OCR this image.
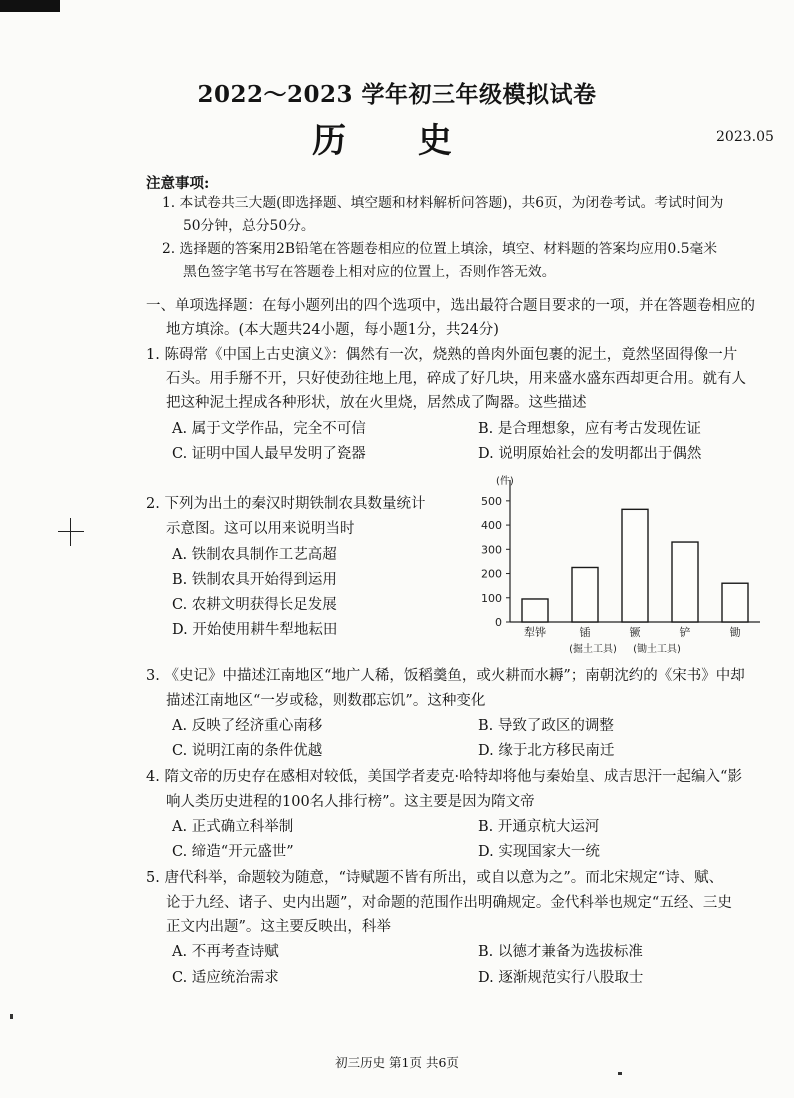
2022～2023 学年初三年级模拟试卷
历 史	2023.05
注意事项:
1. 本试卷共三大题(即选择题、填空题和材料解析问答题)，共6页，为闭卷考试。考试时间为
50分钟，总分50分。
2. 选择题的答案用2B铅笔在答题卷相应的位置上填涂，填空、材料题的答案均应用0.5毫米
黑色签字笔书写在答题卷上相对应的位置上，否则作答无效。
一、单项选择题：在每小题列出的四个选项中，选出最符合题目要求的一项，并在答题卷相应的
地方填涂。(本大题共24小题，每小题1分，共24分)
1. 陈碍常《中国上古史演义》：偶然有一次，烧熟的兽肉外面包裹的泥土，竟然坚固得像一片
石头。用手掰不开，只好使劲往地上甩，碎成了好几块，用来盛水盛东西却更合用。就有人
把这种泥土捏成各种形状，放在火里烧，居然成了陶器。这些描述
A. 属于文学作品，完全不可信	B. 是合理想象，应有考古发现佐证
C. 证明中国人最早发明了瓷器	D. 说明原始社会的发明都出于偶然
2. 下列为出土的秦汉时期铁制农具数量统计
示意图。这可以用来说明当时
A. 铁制农具制作工艺高超
B. 铁制农具开始得到运用
C. 农耕文明获得长足发展
D. 开始使用耕牛犁地耘田
(件)
0
100
200
300
400
500
犁铧	锸	镢	铲	锄
(掘土工具) (锄土工具)
3. 《史记》中描述江南地区“地广人稀，饭稻羹鱼，或火耕而水耨”；南朝沈约的《宋书》中却
描述江南地区“一岁或稔，则数郡忘饥”。这种变化
A. 反映了经济重心南移	B. 导致了政区的调整
C. 说明江南的条件优越	D. 缘于北方移民南迁
4. 隋文帝的历史存在感相对较低，美国学者麦克·哈特却将他与秦始皇、成吉思汗一起编入“影
响人类历史进程的100名人排行榜”。这主要是因为隋文帝
A. 正式确立科举制	B. 开通京杭大运河
C. 缔造“开元盛世”	D. 实现国家大一统
5. 唐代科举，命题较为随意，“诗赋题不皆有所出，或自以意为之”。而北宋规定“诗、赋、
论于九经、诸子、史内出题”，对命题的范围作出明确规定。金代科举也规定“五经、三史
正文内出题”。这主要反映出，科举
A. 不再考查诗赋	B. 以德才兼备为选拔标准
C. 适应统治需求	D. 逐渐规范实行八股取士
初三历史 第1页 共6页
